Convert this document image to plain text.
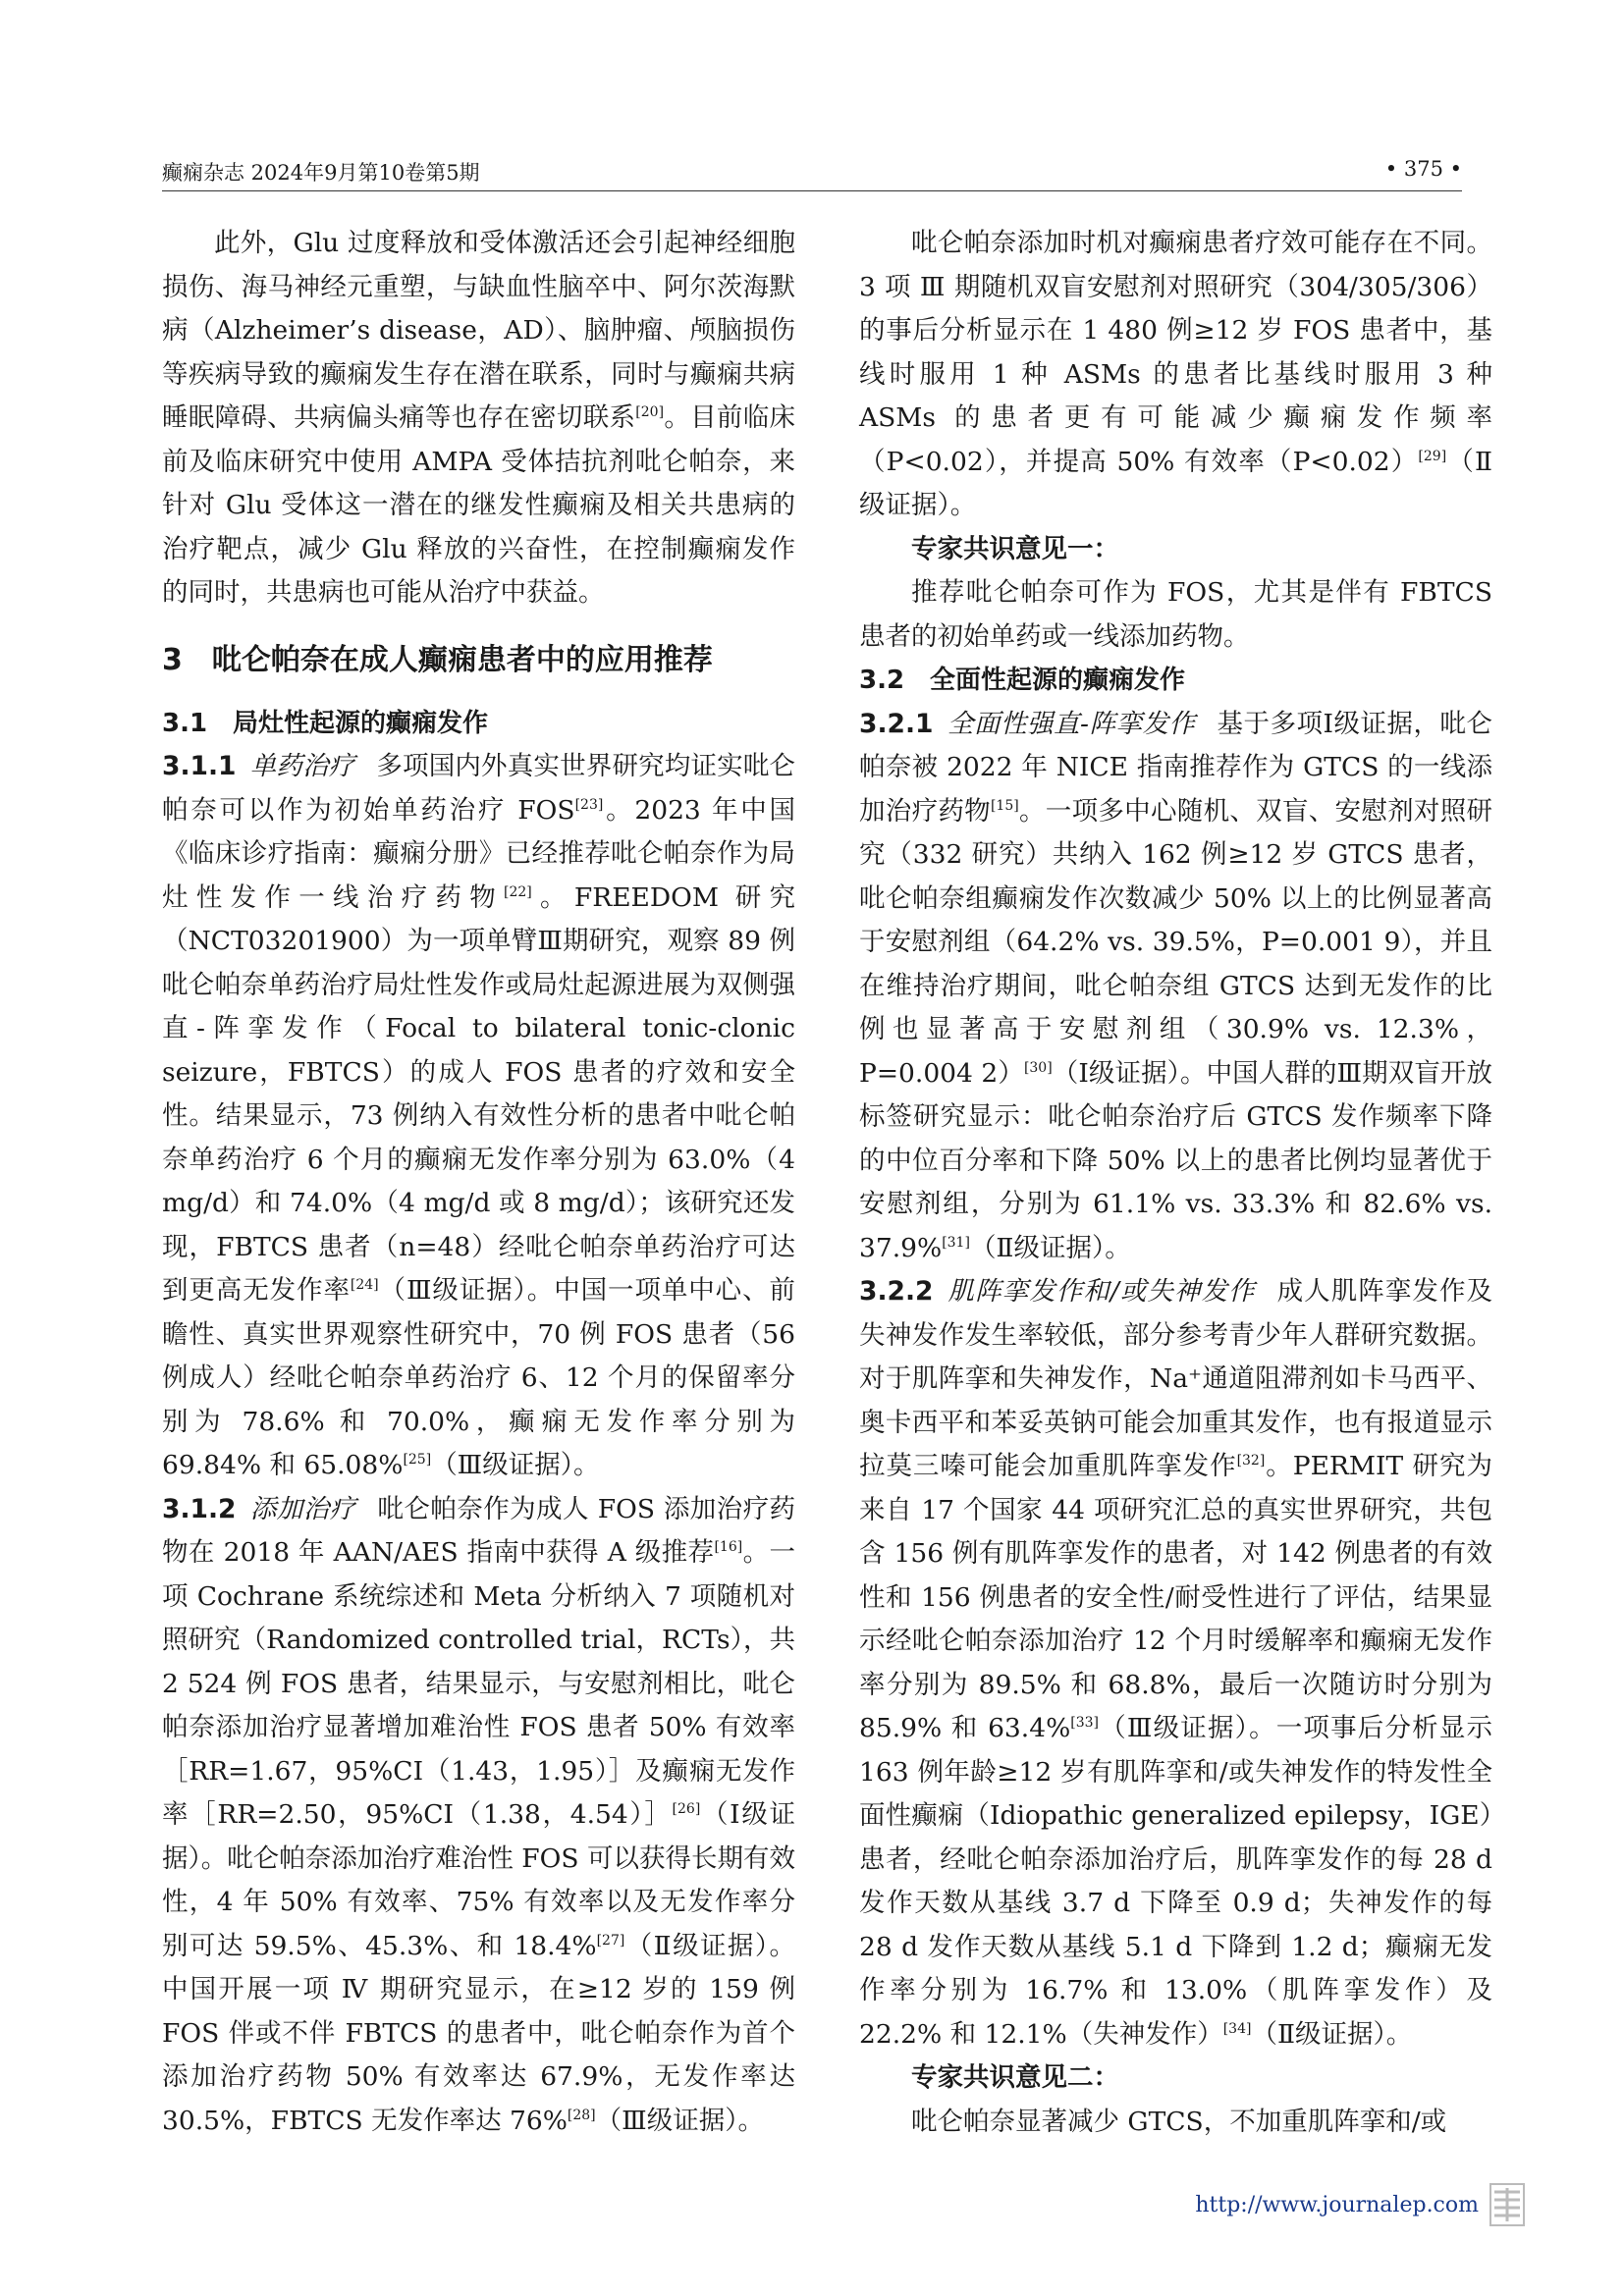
癫痫杂志 2024年9月第10卷第5期	• 375 •

此外，Glu 过度释放和受体激活还会引起神经细胞损伤、海马神经元重塑，与缺血性脑卒中、阿尔茨海默病（Alzheimer’s disease，AD）、脑肿瘤、颅脑损伤等疾病导致的癫痫发生存在潜在联系，同时与癫痫共病睡眠障碍、共病偏头痛等也存在密切联系[20]。目前临床前及临床研究中使用 AMPA 受体拮抗剂吡仑帕奈，来针对 Glu 受体这一潜在的继发性癫痫及相关共患病的治疗靶点，减少 Glu 释放的兴奋性，在控制癫痫发作的同时，共患病也可能从治疗中获益。

3　吡仑帕奈在成人癫痫患者中的应用推荐
3.1　局灶性起源的癫痫发作

3.1.1 单药治疗 多项国内外真实世界研究均证实吡仑帕奈可以作为初始单药治疗 FOS[23]。2023 年中国《临床诊疗指南：癫痫分册》已经推荐吡仑帕奈作为局灶性发作一线治疗药物[22]。FREEDOM 研究（NCT03201900）为一项单臂Ⅲ期研究，观察 89 例吡仑帕奈单药治疗局灶性发作或局灶起源进展为双侧强直-阵挛发作（Focal to bilateral tonic-clonic seizure，FBTCS）的成人 FOS 患者的疗效和安全性。结果显示，73 例纳入有效性分析的患者中吡仑帕奈单药治疗 6 个月的癫痫无发作率分别为 63.0%（4 mg/d）和 74.0%（4 mg/d 或 8 mg/d）；该研究还发现，FBTCS 患者（n=48）经吡仑帕奈单药治疗可达到更高无发作率[24]（Ⅲ级证据）。中国一项单中心、前瞻性、真实世界观察性研究中，70 例 FOS 患者（56 例成人）经吡仑帕奈单药治疗 6、12 个月的保留率分别为 78.6% 和 70.0%，癫痫无发作率分别为 69.84% 和 65.08%[25]（Ⅲ级证据）。

3.1.2 添加治疗 吡仑帕奈作为成人 FOS 添加治疗药物在 2018 年 AAN/AES 指南中获得 A 级推荐[16]。一项 Cochrane 系统综述和 Meta 分析纳入 7 项随机对照研究（Randomized controlled trial，RCTs），共 2 524 例 FOS 患者，结果显示，与安慰剂相比，吡仑帕奈添加治疗显著增加难治性 FOS 患者 50% 有效率［RR=1.67，95%CI（1.43，1.95）］及癫痫无发作率［RR=2.50，95%CI（1.38，4.54）］[26]（Ⅰ级证据）。吡仑帕奈添加治疗难治性 FOS 可以获得长期有效性，4 年 50% 有效率、75% 有效率以及无发作率分别可达 59.5%、45.3%、和 18.4%[27]（Ⅱ级证据）。中国开展一项 Ⅳ 期研究显示，在≥12 岁的 159 例 FOS 伴或不伴 FBTCS 的患者中，吡仑帕奈作为首个添加治疗药物 50% 有效率达 67.9%，无发作率达 30.5%，FBTCS 无发作率达 76%[28]（Ⅲ级证据）。

吡仑帕奈添加时机对癫痫患者疗效可能存在不同。3 项 Ⅲ 期随机双盲安慰剂对照研究（304/305/306）的事后分析显示在 1 480 例≥12 岁 FOS 患者中，基线时服用 1 种 ASMs 的患者比基线时服用 3 种 ASMs 的患者更有可能减少癫痫发作频率（P<0.02），并提高 50% 有效率（P<0.02）[29]（Ⅱ级证据）。

专家共识意见一：

推荐吡仑帕奈可作为 FOS，尤其是伴有 FBTCS 患者的初始单药或一线添加药物。

3.2　全面性起源的癫痫发作

3.2.1 全面性强直-阵挛发作 基于多项Ⅰ级证据，吡仑帕奈被 2022 年 NICE 指南推荐作为 GTCS 的一线添加治疗药物[15]。一项多中心随机、双盲、安慰剂对照研究（332 研究）共纳入 162 例≥12 岁 GTCS 患者，吡仑帕奈组癫痫发作次数减少 50% 以上的比例显著高于安慰剂组（64.2% vs. 39.5%，P=0.001 9），并且在维持治疗期间，吡仑帕奈组 GTCS 达到无发作的比例也显著高于安慰剂组（30.9% vs. 12.3%，P=0.004 2）[30]（Ⅰ级证据）。中国人群的Ⅲ期双盲开放标签研究显示：吡仑帕奈治疗后 GTCS 发作频率下降的中位百分率和下降 50% 以上的患者比例均显著优于安慰剂组，分别为 61.1% vs. 33.3% 和 82.6% vs. 37.9%[31]（Ⅱ级证据）。

3.2.2 肌阵挛发作和/或失神发作 成人肌阵挛发作及失神发作发生率较低，部分参考青少年人群研究数据。对于肌阵挛和失神发作，Na⁺通道阻滞剂如卡马西平、奥卡西平和苯妥英钠可能会加重其发作，也有报道显示拉莫三嗪可能会加重肌阵挛发作[32]。PERMIT 研究为来自 17 个国家 44 项研究汇总的真实世界研究，共包含 156 例有肌阵挛发作的患者，对 142 例患者的有效性和 156 例患者的安全性/耐受性进行了评估，结果显示经吡仑帕奈添加治疗 12 个月时缓解率和癫痫无发作率分别为 89.5% 和 68.8%，最后一次随访时分别为 85.9% 和 63.4%[33]（Ⅲ级证据）。一项事后分析显示 163 例年龄≥12 岁有肌阵挛和/或失神发作的特发性全面性癫痫（Idiopathic generalized epilepsy，IGE）患者，经吡仑帕奈添加治疗后，肌阵挛发作的每 28 d 发作天数从基线 3.7 d 下降至 0.9 d；失神发作的每 28 d 发作天数从基线 5.1 d 下降到 1.2 d；癫痫无发作率分别为 16.7% 和 13.0%（肌阵挛发作）及 22.2% 和 12.1%（失神发作）[34]（Ⅱ级证据）。

专家共识意见二：

吡仑帕奈显著减少 GTCS，不加重肌阵挛和/或

http://www.journalep.com
